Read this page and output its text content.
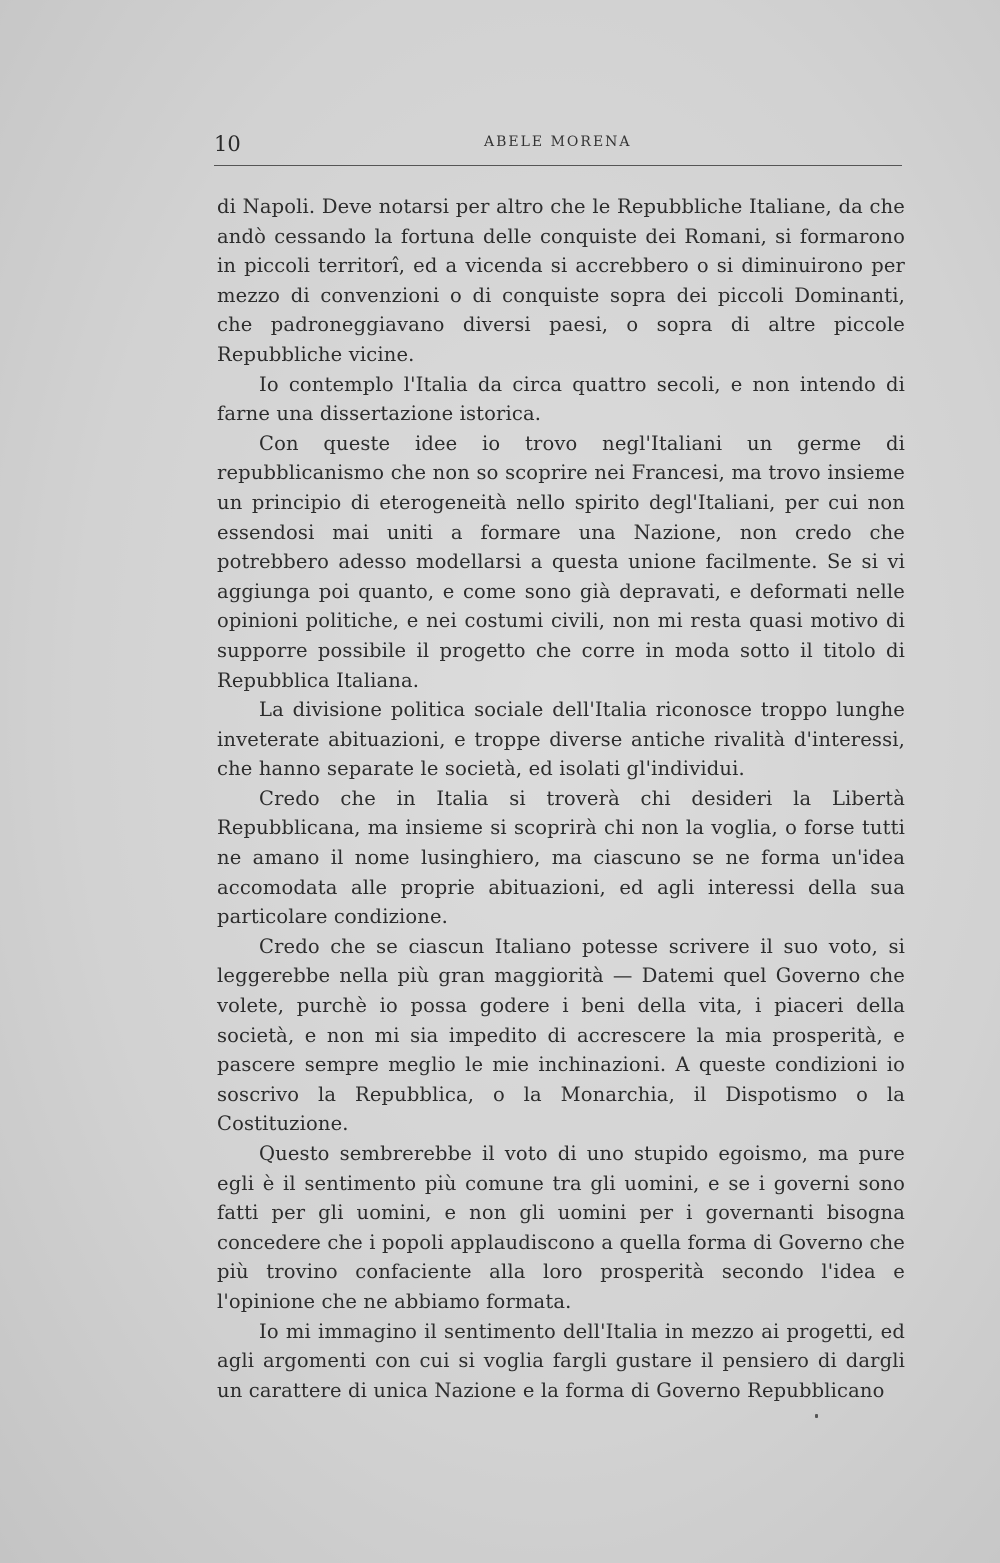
10	ABELE MORENA

di Napoli. Deve notarsi per altro che le Repubbliche Italiane, da che andò cessando la fortuna delle conquiste dei Romani, si formarono in piccoli territorî, ed a vicenda si accrebbero o si diminuirono per mezzo di convenzioni o di conquiste sopra dei piccoli Dominanti, che padroneggiavano diversi paesi, o sopra di altre piccole Repubbliche vicine.

Io contemplo l'Italia da circa quattro secoli, e non intendo di farne una dissertazione istorica.

Con queste idee io trovo negl'Italiani un germe di repubblicanismo che non so scoprire nei Francesi, ma trovo insieme un principio di eterogeneità nello spirito degl'Italiani, per cui non essendosi mai uniti a formare una Nazione, non credo che potrebbero adesso modellarsi a questa unione facilmente. Se si vi aggiunga poi quanto, e come sono già depravati, e deformati nelle opinioni politiche, e nei costumi civili, non mi resta quasi motivo di supporre possibile il progetto che corre in moda sotto il titolo di Repubblica Italiana.

La divisione politica sociale dell'Italia riconosce troppo lunghe inveterate abituazioni, e troppe diverse antiche rivalità d'interessi, che hanno separate le società, ed isolati gl'individui.

Credo che in Italia si troverà chi desideri la Libertà Repubblicana, ma insieme si scoprirà chi non la voglia, o forse tutti ne amano il nome lusinghiero, ma ciascuno se ne forma un'idea accomodata alle proprie abituazioni, ed agli interessi della sua particolare condizione.

Credo che se ciascun Italiano potesse scrivere il suo voto, si leggerebbe nella più gran maggiorità — Datemi quel Governo che volete, purchè io possa godere i beni della vita, i piaceri della società, e non mi sia impedito di accrescere la mia prosperità, e pascere sempre meglio le mie inchinazioni. A queste condizioni io soscrivo la Repubblica, o la Monarchia, il Dispotismo o la Costituzione.

Questo sembrerebbe il voto di uno stupido egoismo, ma pure egli è il sentimento più comune tra gli uomini, e se i governi sono fatti per gli uomini, e non gli uomini per i governanti bisogna concedere che i popoli applaudiscono a quella forma di Governo che più trovino confaciente alla loro prosperità secondo l'idea e l'opinione che ne abbiamo formata.

Io mi immagino il sentimento dell'Italia in mezzo ai progetti, ed agli argomenti con cui si voglia fargli gustare il pensiero di dargli un carattere di unica Nazione e la forma di Governo Repubblicano
